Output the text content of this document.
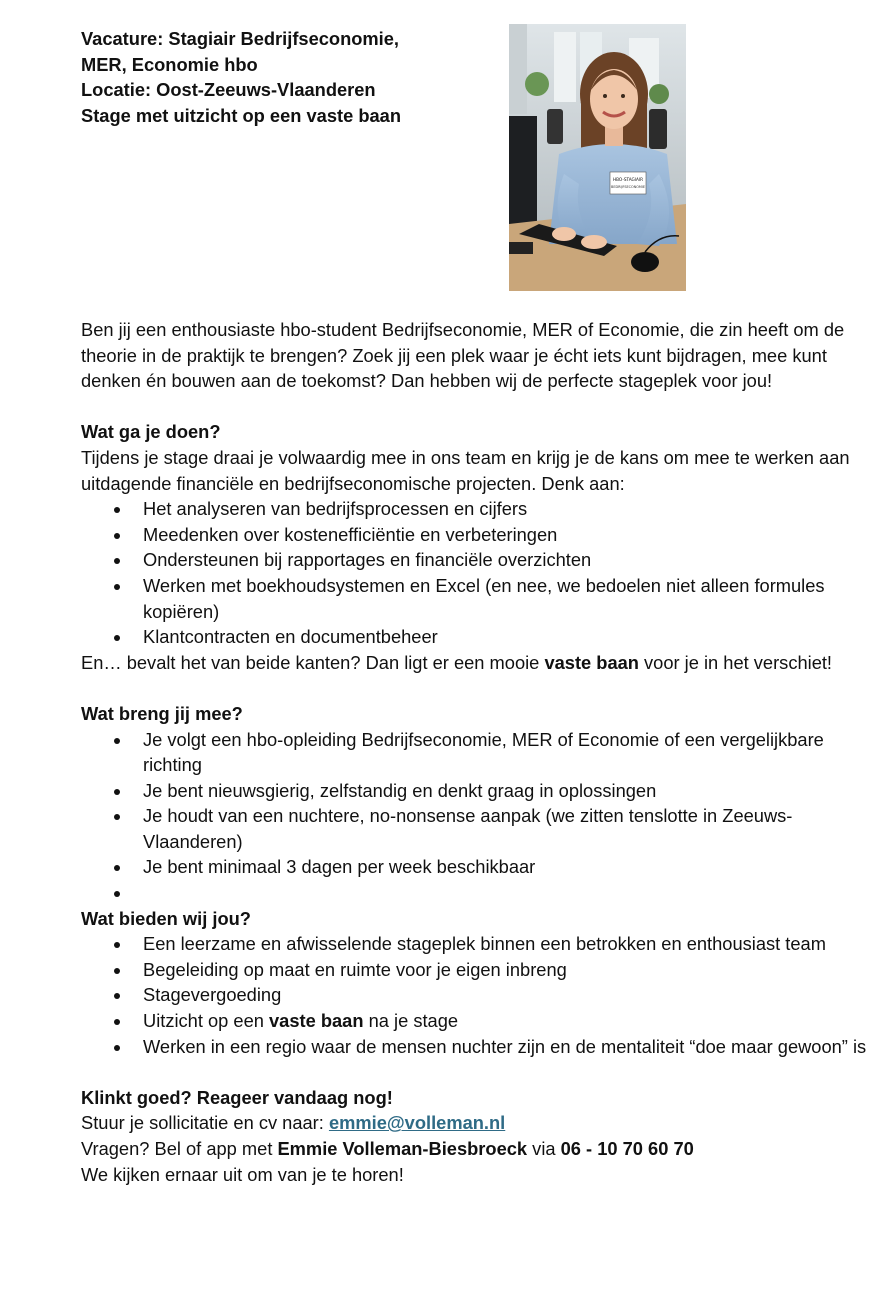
Vacature: Stagiair Bedrijfseconomie,

MER, Economie hbo

Locatie: Oost-Zeeuws-Vlaanderen

Stage met uitzicht op een vaste baan

HBO-STAGIAIR
BEDRIJFSECONOMIE

Ben jij een enthousiaste hbo-student Bedrijfseconomie, MER of Economie, die zin heeft om de theorie in de praktijk te brengen? Zoek jij een plek waar je écht iets kunt bijdragen, mee kunt denken én bouwen aan de toekomst? Dan hebben wij de perfecte stageplek voor jou!

Wat ga je doen?

Tijdens je stage draai je volwaardig mee in ons team en krijg je de kans om mee te werken aan uitdagende financiële en bedrijfseconomische projecten. Denk aan:

Het analyseren van bedrijfsprocessen en cijfers
Meedenken over kostenefficiëntie en verbeteringen
Ondersteunen bij rapportages en financiële overzichten
Werken met boekhoudsystemen en Excel (en nee, we bedoelen niet alleen formules kopiëren)
Klantcontracten en documentbeheer

En… bevalt het van beide kanten? Dan ligt er een mooie vaste baan voor je in het verschiet!

Wat breng jij mee?
Je volgt een hbo-opleiding Bedrijfseconomie, MER of Economie of een vergelijkbare richting
Je bent nieuwsgierig, zelfstandig en denkt graag in oplossingen
Je houdt van een nuchtere, no-nonsense aanpak (we zitten tenslotte in Zeeuws-Vlaanderen)
Je bent minimaal 3 dagen per week beschikbaar
Wat bieden wij jou?
Een leerzame en afwisselende stageplek binnen een betrokken en enthousiast team
Begeleiding op maat en ruimte voor je eigen inbreng
Stagevergoeding
Uitzicht op een vaste baan na je stage
Werken in een regio waar de mensen nuchter zijn en de mentaliteit “doe maar gewoon” is
Klinkt goed? Reageer vandaag nog!

Stuur je sollicitatie en cv naar: emmie@volleman.nl

Vragen? Bel of app met Emmie Volleman-Biesbroeck via 06 - 10 70 60 70

We kijken ernaar uit om van je te horen!
